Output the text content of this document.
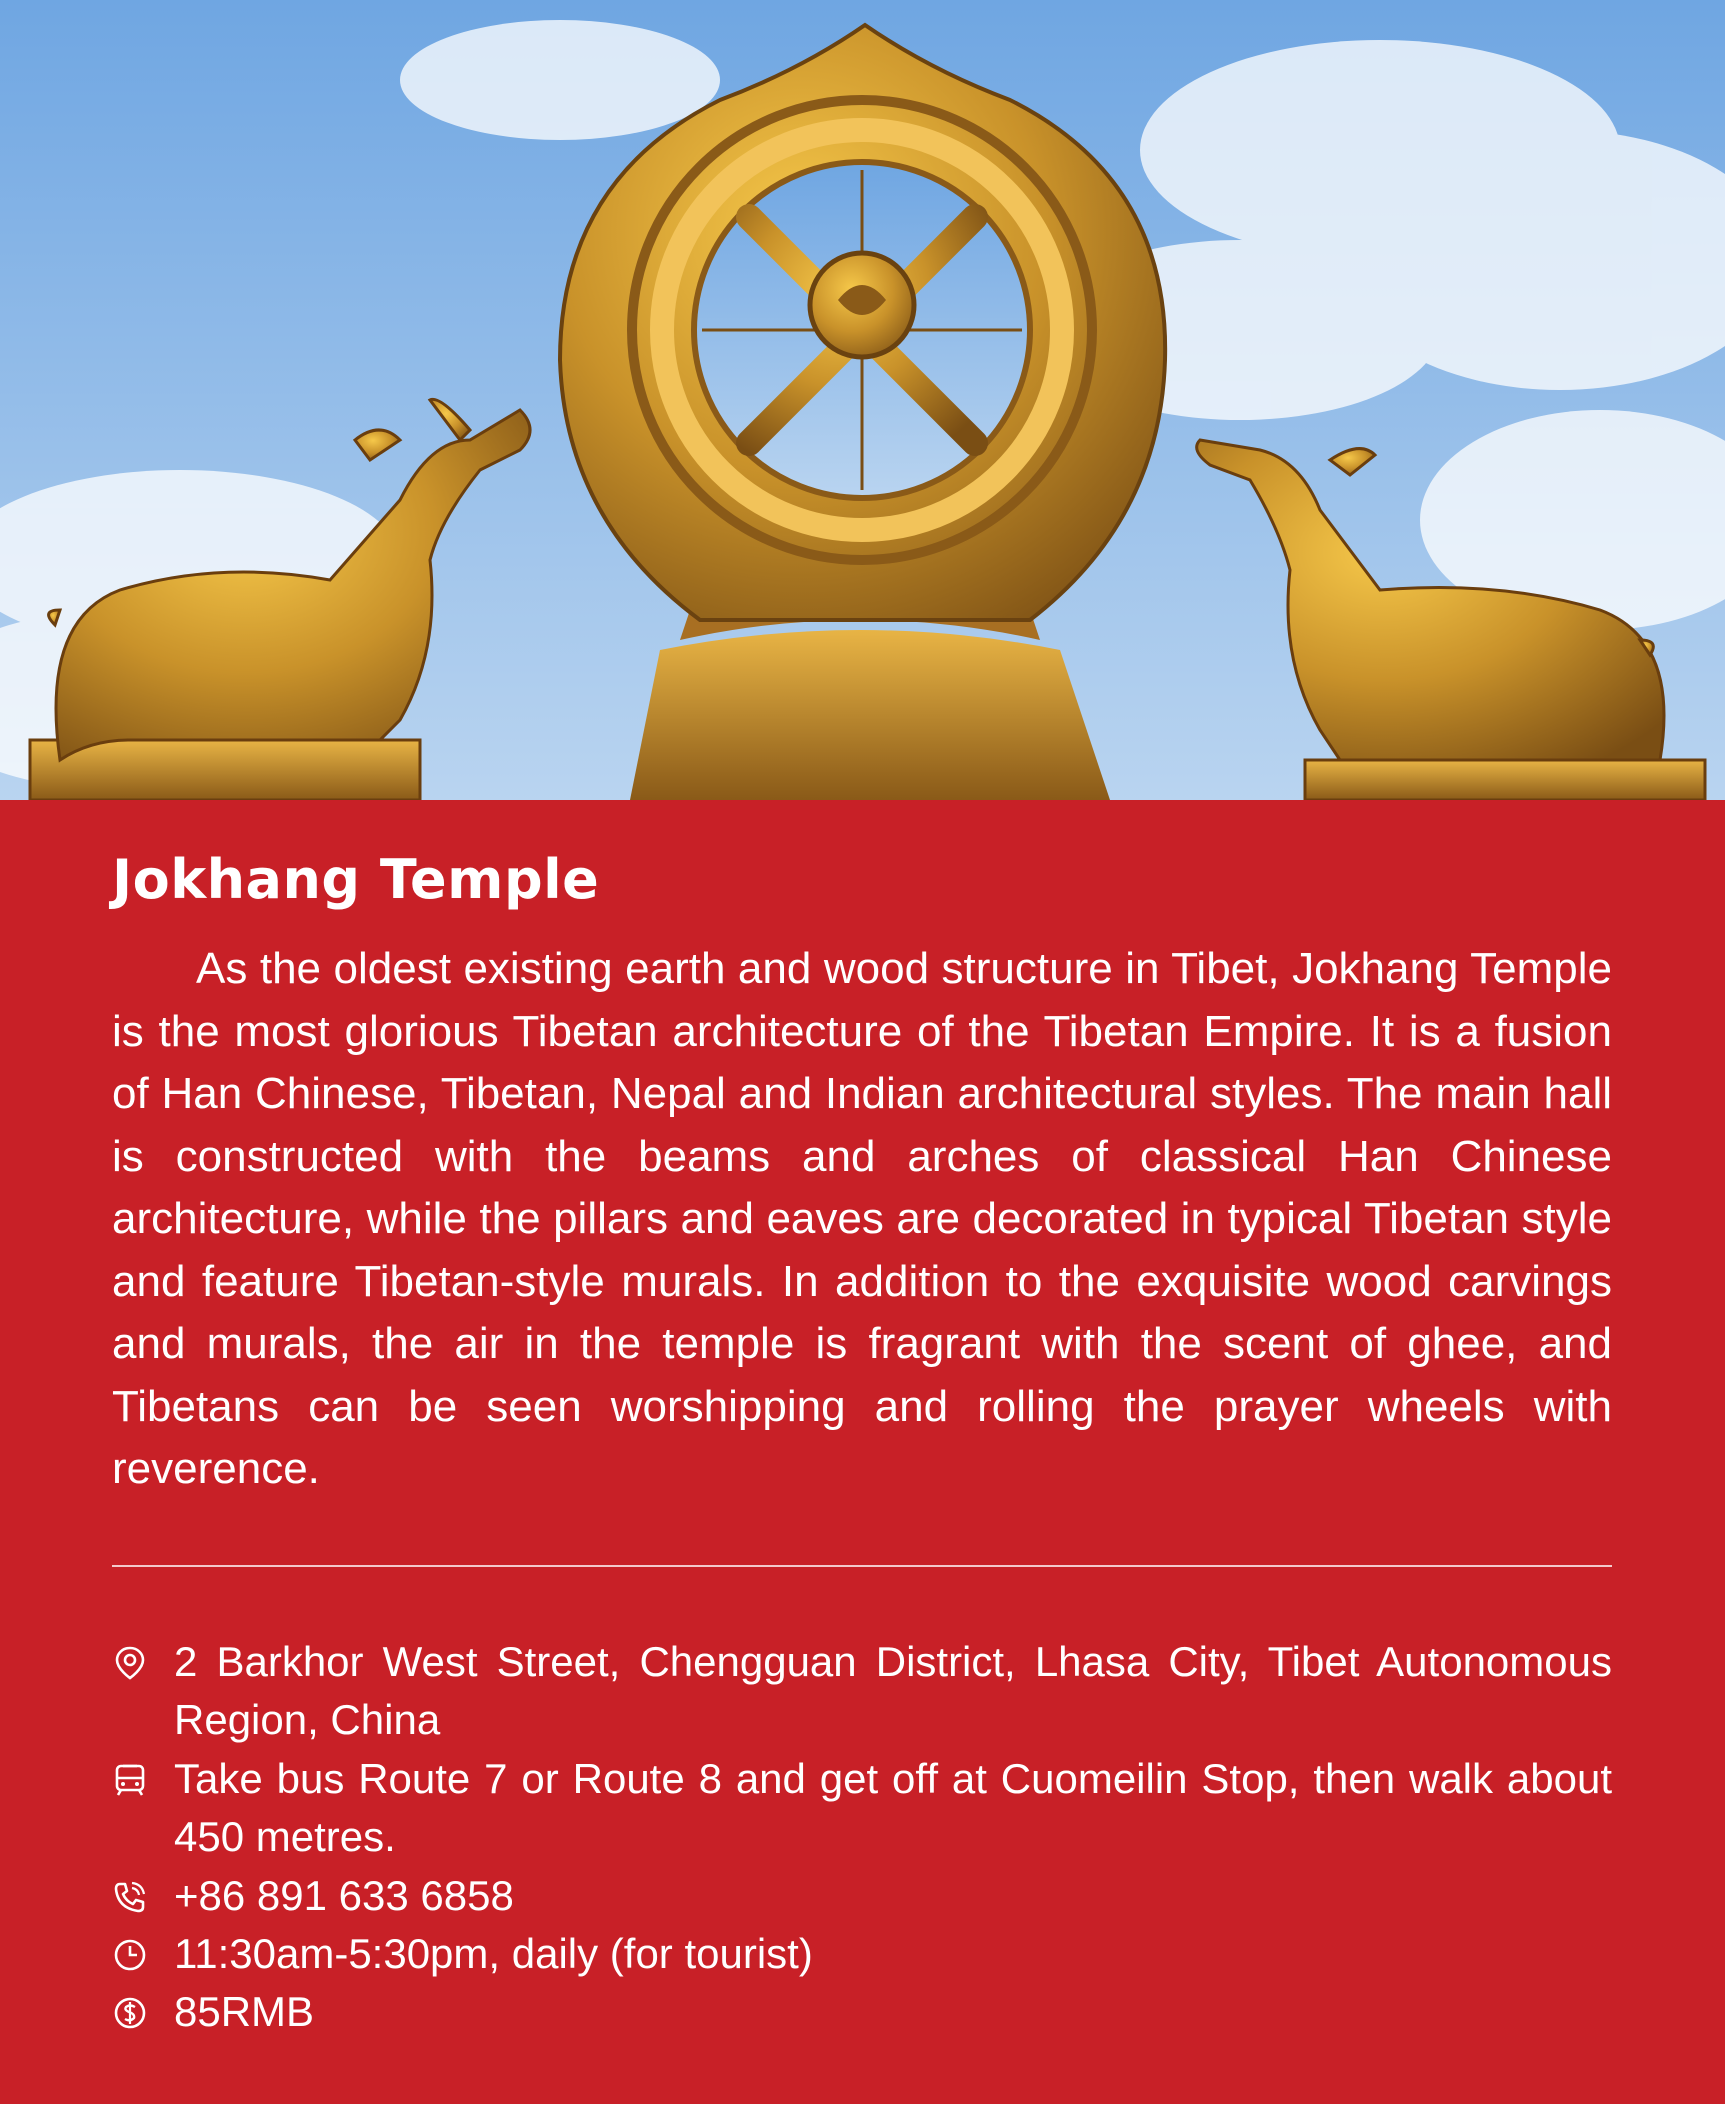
Jokhang Temple

As the oldest existing earth and wood structure in Tibet, Jokhang Temple is the most glorious Tibetan architecture of the Tibetan Empire. It is a fusion of Han Chinese, Tibetan, Nepal and Indian architectural styles. The main hall is constructed with the beams and arches of classical Han Chinese architecture, while the pillars and eaves are decorated in typical Tibetan style and feature Tibetan-style murals. In addition to the exquisite wood carvings and murals, the air in the temple is fragrant with the scent of ghee, and Tibetans can be seen worshipping and rolling the prayer wheels with reverence.

2 Barkhor West Street, Chengguan District, Lhasa City, Tibet Autonomous Region, China
Take bus Route 7 or Route 8 and get off at Cuomeilin Stop, then walk about 450 metres.
+86 891 633 6858
11:30am-5:30pm, daily (for tourist)
85RMB
